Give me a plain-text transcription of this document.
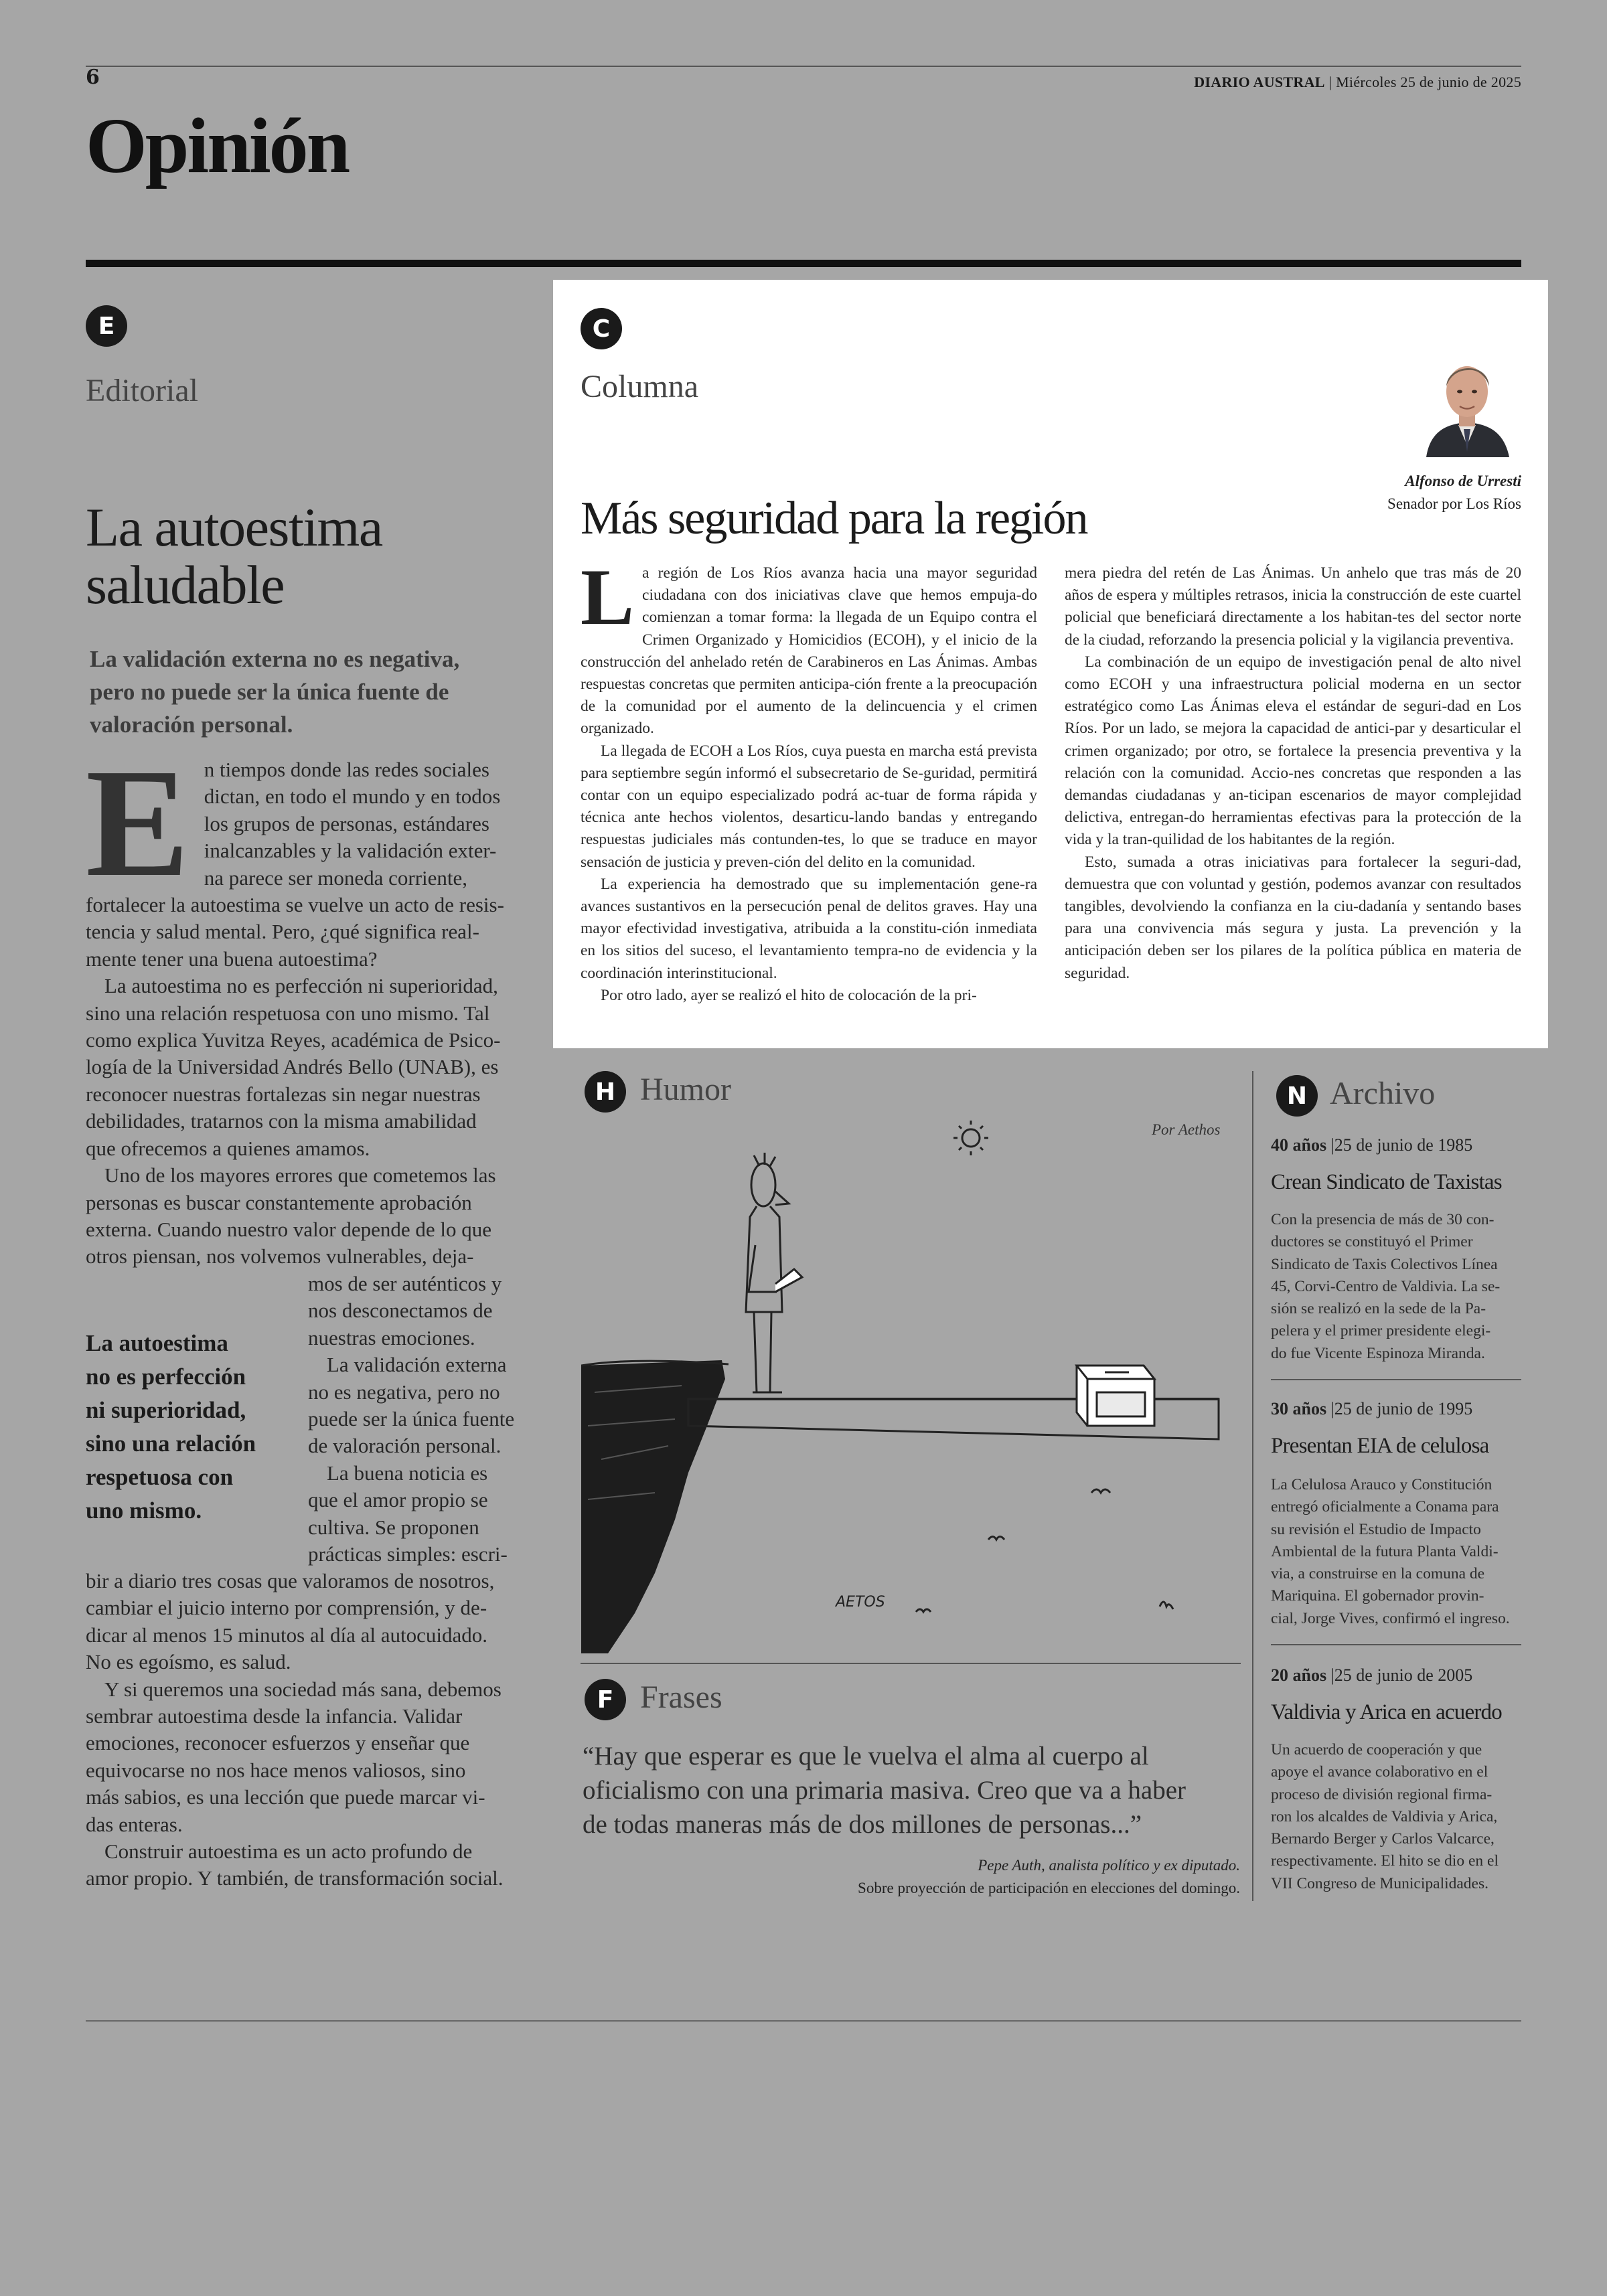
6	DIARIO AUSTRAL | Miércoles 25 de junio de 2025
Opinión
E
Editorial
La autoestima
saludable
La validación externa no es negativa,
pero no puede ser la única fuente de
valoración personal.
E n tiempos donde las redes sociales
dictan, en todo el mundo y en todos
los grupos de personas, estándares
inalcanzables y la validación exter-
na parece ser moneda corriente,
fortalecer la autoestima se vuelve un acto de resis-
tencia y salud mental. Pero, ¿qué significa real-
mente tener una buena autoestima?
La autoestima no es perfección ni superioridad,
sino una relación respetuosa con uno mismo. Tal
como explica Yuvitza Reyes, académica de Psico-
logía de la Universidad Andrés Bello (UNAB), es
reconocer nuestras fortalezas sin negar nuestras
debilidades, tratarnos con la misma amabilidad
que ofrecemos a quienes amamos.
Uno de los mayores errores que cometemos las
personas es buscar constantemente aprobación
externa. Cuando nuestro valor depende de lo que
otros piensan, nos volvemos vulnerables, deja-
mos de ser auténticos y
nos desconectamos de
nuestras emociones.
La validación externa
no es negativa, pero no
puede ser la única fuente
de valoración personal.
La buena noticia es
que el amor propio se
cultiva. Se proponen
prácticas simples: escri-
La autoestima
no es perfección
ni superioridad,
sino una relación
respetuosa con
uno mismo.
bir a diario tres cosas que valoramos de nosotros,
cambiar el juicio interno por comprensión, y de-
dicar al menos 15 minutos al día al autocuidado.
No es egoísmo, es salud.
Y si queremos una sociedad más sana, debemos
sembrar autoestima desde la infancia. Validar
emociones, reconocer esfuerzos y enseñar que
equivocarse no nos hace menos valiosos, sino
más sabios, es una lección que puede marcar vi-
das enteras.
Construir autoestima es un acto profundo de
amor propio. Y también, de transformación social.
C
Columna
Alfonso de Urresti
Senador por Los Ríos
Más seguridad para la región

La región de Los Ríos avanza hacia una mayor seguridad ciudadana con dos iniciativas clave que hemos empuja-do comienzan a tomar forma: la llegada de un Equipo contra el Crimen Organizado y Homicidios (ECOH), y el inicio de la construcción del anhelado retén de Carabineros en Las Ánimas. Ambas respuestas concretas que permiten anticipa-ción frente a la preocupación de la comunidad por el aumento de la delincuencia y el crimen organizado.

La llegada de ECOH a Los Ríos, cuya puesta en marcha está prevista para septiembre según informó el subsecretario de Se-guridad, permitirá contar con un equipo especializado podrá ac-tuar de forma rápida y técnica ante hechos violentos, desarticu-lando bandas y entregando respuestas judiciales más contunden-tes, lo que se traduce en mayor sensación de justicia y preven-ción del delito en la comunidad.

La experiencia ha demostrado que su implementación gene-ra avances sustantivos en la persecución penal de delitos graves. Hay una mayor efectividad investigativa, atribuida a la constitu-ción inmediata en los sitios del suceso, el levantamiento tempra-no de evidencia y la coordinación interinstitucional.

Por otro lado, ayer se realizó el hito de colocación de la pri-

mera piedra del retén de Las Ánimas. Un anhelo que tras más de 20 años de espera y múltiples retrasos, inicia la construcción de este cuartel policial que beneficiará directamente a los habitan-tes del sector norte de la ciudad, reforzando la presencia policial y la vigilancia preventiva.

La combinación de un equipo de investigación penal de alto nivel como ECOH y una infraestructura policial moderna en un sector estratégico como Las Ánimas eleva el estándar de seguri-dad en Los Ríos. Por un lado, se mejora la capacidad de antici-par y desarticular el crimen organizado; por otro, se fortalece la presencia preventiva y la relación con la comunidad. Accio-nes concretas que responden a las demandas ciudadanas y an-ticipan escenarios de mayor complejidad delictiva, entregan-do herramientas efectivas para la protección de la vida y la tran-quilidad de los habitantes de la región.

Esto, sumada a otras iniciativas para fortalecer la seguri-dad, demuestra que con voluntad y gestión, podemos avanzar con resultados tangibles, devolviendo la confianza en la ciu-dadanía y sentando bases para una convivencia más segura y justa. La prevención y la anticipación deben ser los pilares de la política pública en materia de seguridad.

H Humor
Por Aethos
AETOS
N Archivo
40 años |25 de junio de 1985
Crean Sindicato de Taxistas
Con la presencia de más de 30 con-
ductores se constituyó el Primer
Sindicato de Taxis Colectivos Línea
45, Corvi-Centro de Valdivia. La se-
sión se realizó en la sede de la Pa-
pelera y el primer presidente elegi-
do fue Vicente Espinoza Miranda.
30 años |25 de junio de 1995
Presentan EIA de celulosa
La Celulosa Arauco y Constitución
entregó oficialmente a Conama para
su revisión el Estudio de Impacto
Ambiental de la futura Planta Valdi-
via, a construirse en la comuna de
Mariquina. El gobernador provin-
cial, Jorge Vives, confirmó el ingreso.
20 años |25 de junio de 2005
Valdivia y Arica en acuerdo
Un acuerdo de cooperación y que
apoye el avance colaborativo en el
proceso de división regional firma-
ron los alcaldes de Valdivia y Arica,
Bernardo Berger y Carlos Valcarce,
respectivamente. El hito se dio en el
VII Congreso de Municipalidades.
F Frases
“Hay que esperar es que le vuelva el alma al cuerpo al
oficialismo con una primaria masiva. Creo que va a haber
de todas maneras más de dos millones de personas...”
Pepe Auth, analista político y ex diputado.
Sobre proyección de participación en elecciones del domingo.
